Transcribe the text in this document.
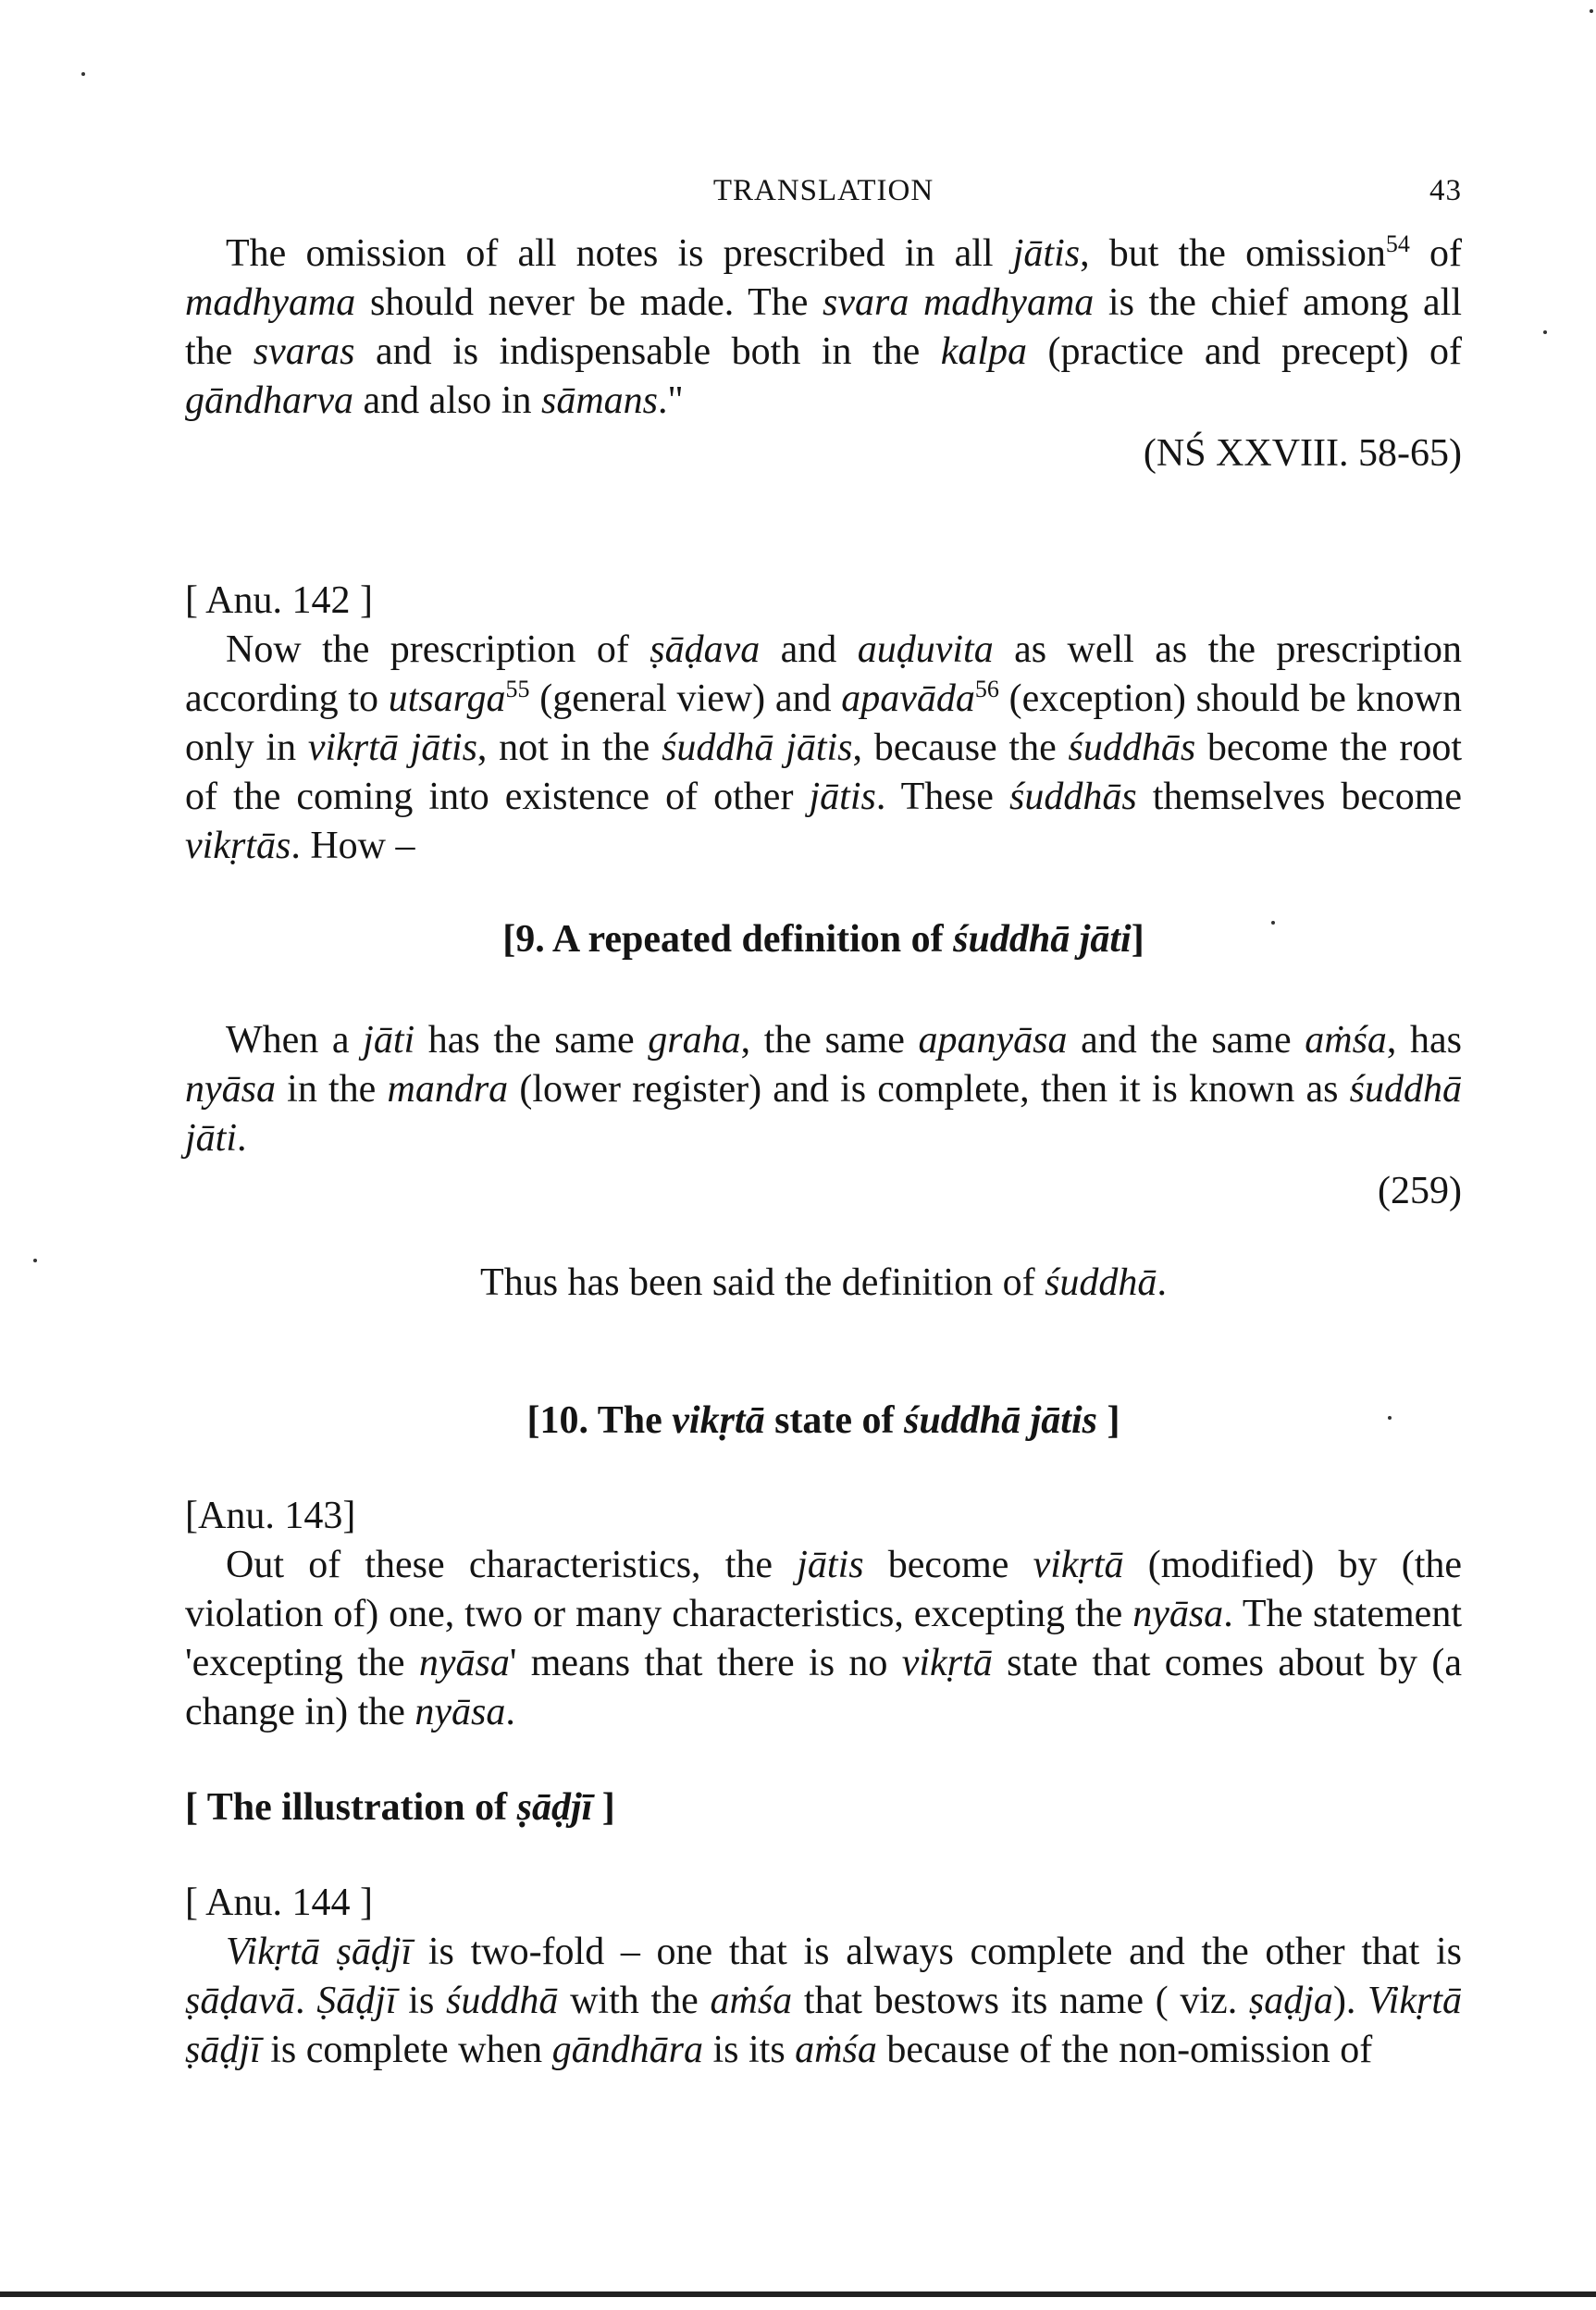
TRANSLATION	43

The omission of all notes is prescribed in all jātis, but the omission$^{54}$ of madhyama should never be made. The svara madhyama is the chief among all the svaras and is indispensable both in the kalpa (practice and precept) of gāndharva and also in sāmans."

(NŚ XXVIII. 58-65)
[ Anu. 142 ]

Now the prescription of ṣāḍava and auḍuvita as well as the prescription according to utsarga$^{55}$ (general view) and apavāda$^{56}$ (exception) should be known only in vikṛtā jātis, not in the śuddhā jātis, because the śuddhās become the root of the coming into existence of other jātis. These śuddhās themselves become vikṛtās. How –

[9. A repeated definition of śuddhā jāti]

When a jāti has the same graha, the same apanyāsa and the same aṁśa, has nyāsa in the mandra (lower register) and is complete, then it is known as śuddhā jāti.

(259)
Thus has been said the definition of śuddhā.
[10. The vikṛtā state of śuddhā jātis ]
[Anu. 143]

Out of these characteristics, the jātis become vikṛtā (modified) by (the violation of) one, two or many characteristics, excepting the nyāsa. The statement 'excepting the nyāsa' means that there is no vikṛtā state that comes about by (a change in) the nyāsa.

[ The illustration of ṣāḍjī ]
[ Anu. 144 ]

Vikṛtā ṣāḍjī is two-fold – one that is always complete and the other that is ṣāḍavā. Ṣāḍjī is śuddhā with the aṁśa that bestows its name ( viz. ṣaḍja). Vikṛtā ṣāḍjī is complete when gāndhāra is its aṁśa because of the non-omission of
